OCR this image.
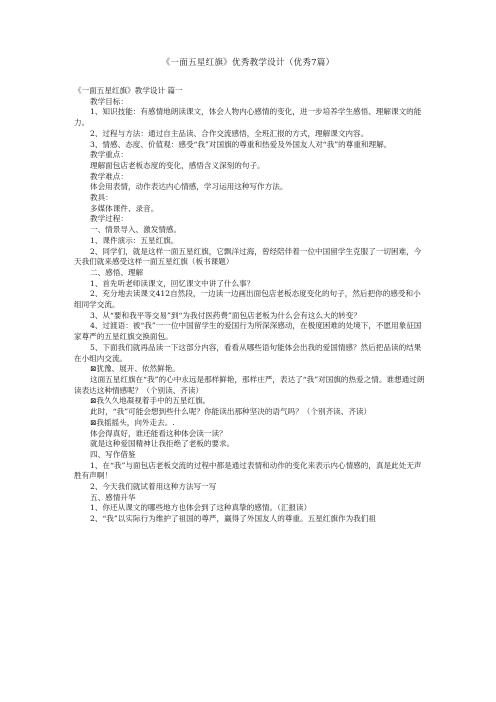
《一面五星红旗》优秀教学设计（优秀7篇）

《一面五星红旗》教学设计 篇一

教学目标：

1、知识技能：有感情地朗读课文，体会人物内心感情的变化，进一步培养学生感悟、理解课文的能力。

2、过程与方法：通过自主品读、合作交流感悟，全班汇报的方式，理解课文内容。

3、情感、态度、价值观：感受“我”对国旗的尊重和热爱及外国友人对“我”的尊重和理解。

教学重点：

理解面包店老板态度的变化，感悟含义深刻的句子。

教学难点：

体会用表情，动作表达内心情感，学习运用这种写作方法。

教具：

多媒体课件、录音。

教学过程：

一、情景导入、激发情感。

1、课件演示：五星红旗。

2、同学们，就是这样一面五星红旗，它飘洋过海，曾经陪伴着一位中国留学生克服了一切困难，今天我们就来感受这样一面五星红旗（板书课题）

二、感悟、理解

1、首先听老师读课文，回忆课文中讲了什么事？

2、充分地去读课文412自然段，一边读一边画出面包店老板态度变化的句子，然后把你的感受和小组同学交流。

3、从“要和我平等交易”到“为我付医药费”面包店老板为什么会有这么大的转变？

4、过渡语：被“我”一一位中国留学生的爱国行为所深深感动，在极度困难的处境下，不愿用象征国家尊严的五星红旗交换面包。

5、下面我们就再品读一下这部分内容，看看从哪些语句能体会出我的爱国情感？然后把品读的结果在小组内交流。

⊠犹豫、展开、依然鲜艳。

这面五星红旗在“我”的心中永远是那样鲜艳，那样庄严，表达了“我”对国旗的热爱之情。谁想通过朗读表达这种情感呢？（个别读、齐读）

⊠我久久地凝视着手中的五星红旗。

此时，“我”可能会想到些什么呢？你能读出那种坚决的语气吗？（个别齐读、齐读）

⊠我摇摇头，向外走去。.

体会得真好，谁还能看这种体会读一读？

就是这种爱国精神让我拒绝了老板的要求。

四、写作借鉴

1、在“我”与面包店老板交流的过程中都是通过表情和动作的变化来表示内心情感的，真是此处无声胜有声啊！

2、今天我们就试着用这种方法写一写

五、感情升华

1、你还从课文的哪些地方也体会到了这种真挚的感情。（汇报读）

2、“我”以实际行为维护了祖国的尊严，赢得了外国友人的尊重。五星红旗作为我们祖
